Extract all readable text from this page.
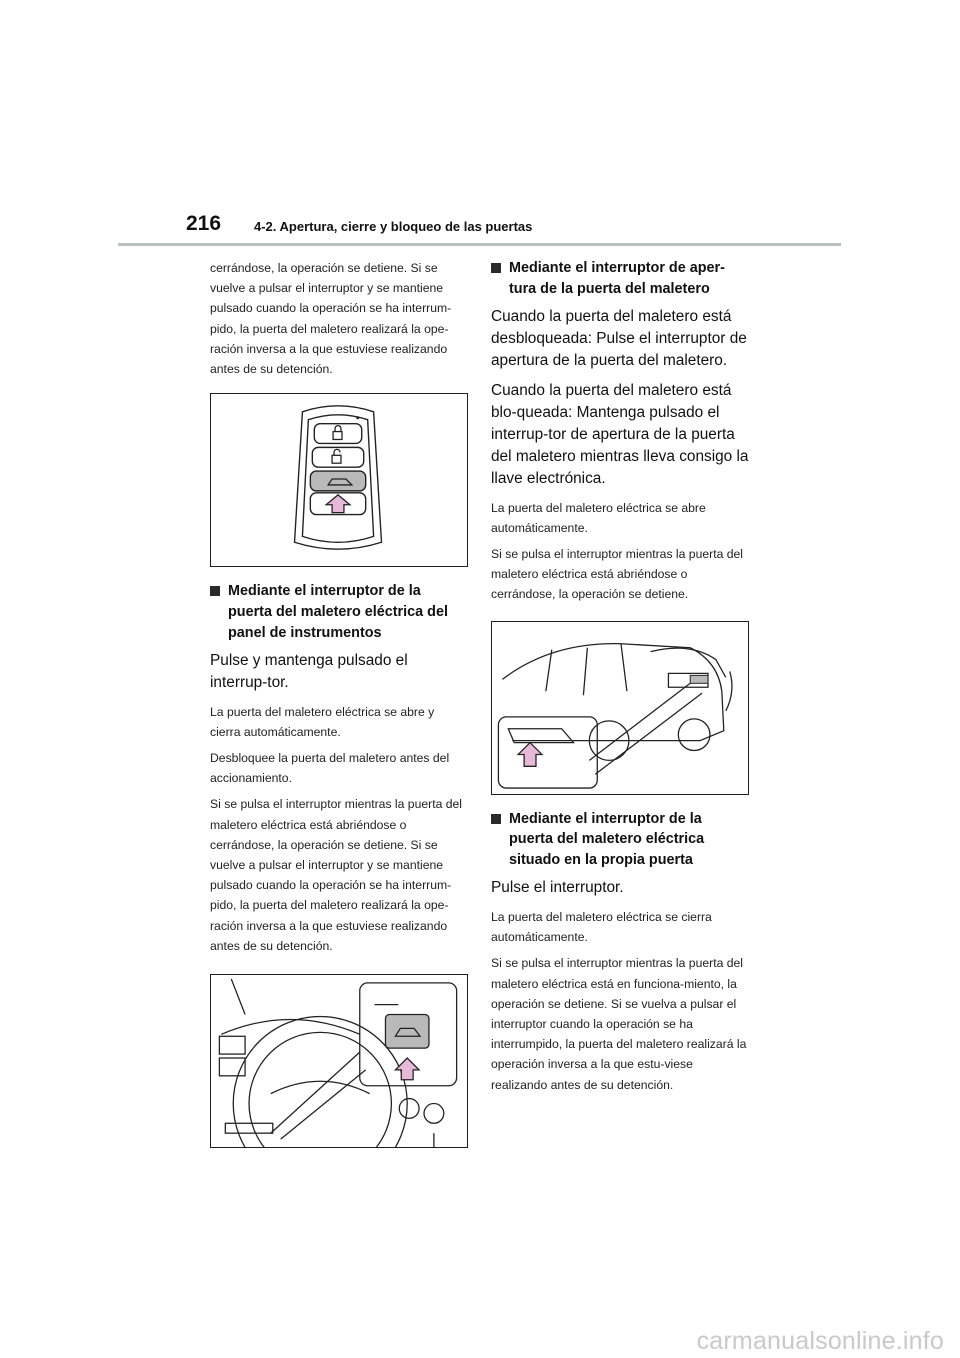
216	4-2. Apertura, cierre y bloqueo de las puertas

cerrándose, la operación se detiene. Si se vuelve a pulsar el interruptor y se mantiene pulsado cuando la operación se ha interrum-pido, la puerta del maletero realizará la ope-ración inversa a la que estuviese realizando antes de su detención.

Mediante el interruptor de la puerta del maletero eléctrica del panel de instrumentos

Pulse y mantenga pulsado el interrup-tor.

La puerta del maletero eléctrica se abre y cierra automáticamente.

Desbloquee la puerta del maletero antes del accionamiento.

Si se pulsa el interruptor mientras la puerta del maletero eléctrica está abriéndose o cerrándose, la operación se detiene. Si se vuelve a pulsar el interruptor y se mantiene pulsado cuando la operación se ha interrum-pido, la puerta del maletero realizará la ope-ración inversa a la que estuviese realizando antes de su detención.

Mediante el interruptor de aper-tura de la puerta del maletero

Cuando la puerta del maletero está desbloqueada: Pulse el interruptor de apertura de la puerta del maletero.

Cuando la puerta del maletero está blo-queada: Mantenga pulsado el interrup-tor de apertura de la puerta del maletero mientras lleva consigo la llave electrónica.

La puerta del maletero eléctrica se abre automáticamente.

Si se pulsa el interruptor mientras la puerta del maletero eléctrica está abriéndose o cerrándose, la operación se detiene.

Mediante el interruptor de la puerta del maletero eléctrica situado en la propia puerta

Pulse el interruptor.

La puerta del maletero eléctrica se cierra automáticamente.

Si se pulsa el interruptor mientras la puerta del maletero eléctrica está en funciona-miento, la operación se detiene. Si se vuelva a pulsar el interruptor cuando la operación se ha interrumpido, la puerta del maletero realizará la operación inversa a la que estu-viese realizando antes de su detención.

carmanualsonline.info
